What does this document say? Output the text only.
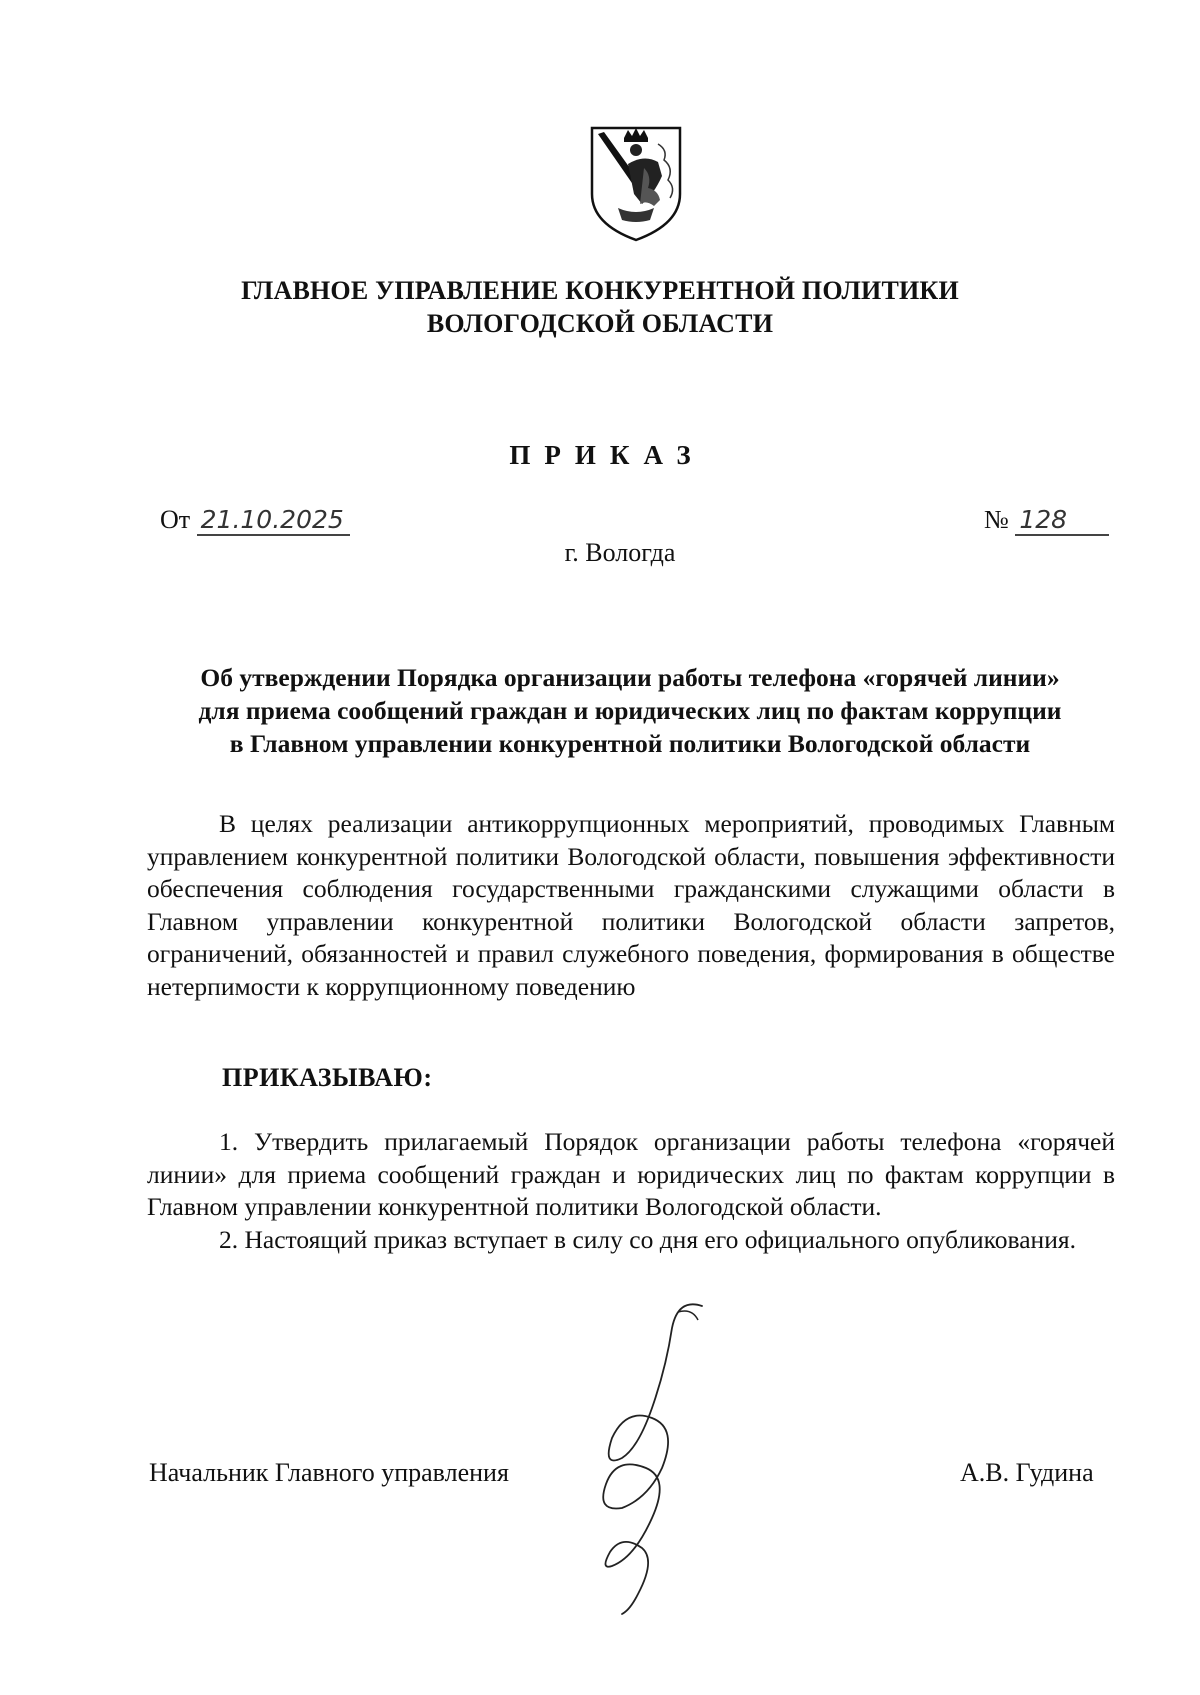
ГЛАВНОЕ УПРАВЛЕНИЕ КОНКУРЕНТНОЙ ПОЛИТИКИ
ВОЛОГОДСКОЙ ОБЛАСТИ
ПРИКАЗ
От 21.10.2025	№ 128
г. Вологда
Об утверждении Порядка организации работы телефона «горячей линии»
для приема сообщений граждан и юридических лиц по фактам коррупции
в Главном управлении конкурентной политики Вологодской области

В целях реализации антикоррупционных мероприятий, проводимых Главным управлением конкурентной политики Вологодской области, повышения эффективности обеспечения соблюдения государственными гражданскими служащими области в Главном управлении конкурентной политики Вологодской области запретов, ограничений, обязанностей и правил служебного поведения, формирования в обществе нетерпимости к коррупционному поведению

ПРИКАЗЫВАЮ:

1. Утвердить прилагаемый Порядок организации работы телефона «горячей линии» для приема сообщений граждан и юридических лиц по фактам коррупции в Главном управлении конкурентной политики Вологодской области.

2. Настоящий приказ вступает в силу со дня его официального опубликования.

Начальник Главного управления	А.В. Гудина
